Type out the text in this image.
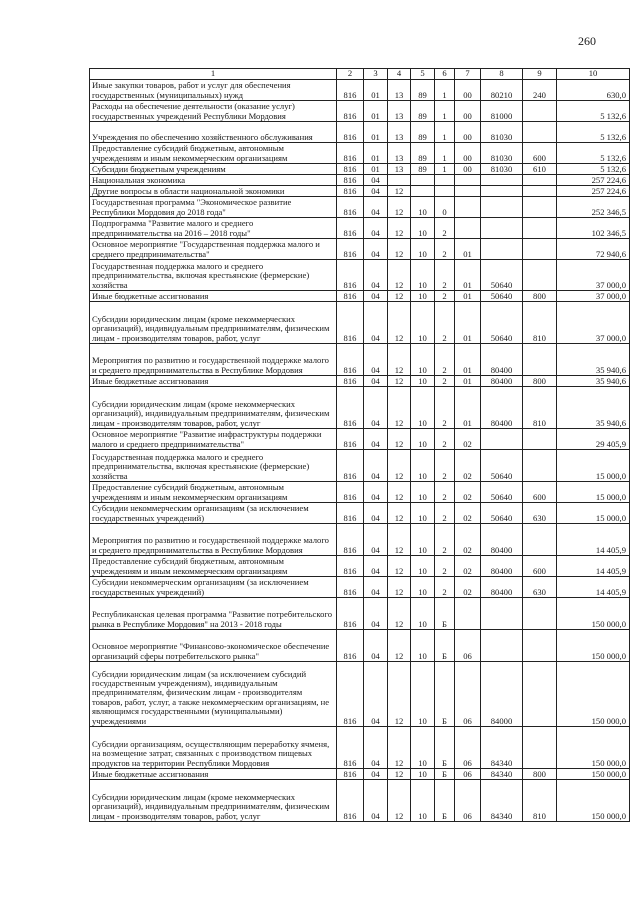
260
1	2	3	4	5	6	7	8	9	10
Иные закупки товаров, работ и услуг для обеспечения государственных (муниципальных) нужд	816	01	13	89	1	00	80210	240	630,0
Расходы на обеспечение деятельности (оказание услуг) государственных учреждений Республики Мордовия	816	01	13	89	1	00	81000		5 132,6
Учреждения по обеспечению хозяйственного обслуживания	816	01	13	89	1	00	81030		5 132,6
Предоставление субсидий бюджетным, автономным учреждениям и иным некоммерческим организациям	816	01	13	89	1	00	81030	600	5 132,6
Субсидии бюджетным учреждениям	816	01	13	89	1	00	81030	610	5 132,6
Национальная экономика	816	04							257 224,6
Другие вопросы в области национальной экономики	816	04	12						257 224,6
Государственная программа "Экономическое развитие Республики Мордовия до 2018 года"	816	04	12	10	0				252 346,5
Подпрограмма "Развитие малого и среднего предпринимательства на 2016 – 2018 годы"	816	04	12	10	2				102 346,5
Основное мероприятие "Государственная поддержка малого и среднего предпринимательства"	816	04	12	10	2	01			72 940,6
Государственная поддержка малого и среднего предпринимательства, включая крестьянские (фермерские) хозяйства	816	04	12	10	2	01	50640		37 000,0
Иные бюджетные ассигнования	816	04	12	10	2	01	50640	800	37 000,0
Субсидии юридическим лицам (кроме некоммерческих организаций), индивидуальным предпринимателям, физическим лицам - производителям товаров, работ, услуг	816	04	12	10	2	01	50640	810	37 000,0
Мероприятия по развитию и государственной поддержке малого и среднего предпринимательства в Республике Мордовия	816	04	12	10	2	01	80400		35 940,6
Иные бюджетные ассигнования	816	04	12	10	2	01	80400	800	35 940,6
Субсидии юридическим лицам (кроме некоммерческих организаций), индивидуальным предпринимателям, физическим лицам - производителям товаров, работ, услуг	816	04	12	10	2	01	80400	810	35 940,6
Основное мероприятие "Развитие инфраструктуры поддержки малого и среднего предпринимательства"	816	04	12	10	2	02			29 405,9
Государственная поддержка малого и среднего предпринимательства, включая крестьянские (фермерские) хозяйства	816	04	12	10	2	02	50640		15 000,0
Предоставление субсидий бюджетным, автономным учреждениям и иным некоммерческим организациям	816	04	12	10	2	02	50640	600	15 000,0
Субсидии некоммерческим организациям (за исключением государственных учреждений)	816	04	12	10	2	02	50640	630	15 000,0
Мероприятия по развитию и государственной поддержке малого и среднего предпринимательства в Республике Мордовия	816	04	12	10	2	02	80400		14 405,9
Предоставление субсидий бюджетным, автономным учреждениям и иным некоммерческим организациям	816	04	12	10	2	02	80400	600	14 405,9
Субсидии некоммерческим организациям (за исключением государственных учреждений)	816	04	12	10	2	02	80400	630	14 405,9
Республиканская целевая программа "Развитие потребительского рынка в Республике Мордовия" на 2013 - 2018 годы	816	04	12	10	Б				150 000,0
Основное мероприятие "Финансово-экономическое обеспечение организаций сферы потребительского рынка"	816	04	12	10	Б	06			150 000,0
Субсидии юридическим лицам (за исключением субсидий государственным учреждениям), индивидуальным предпринимателям, физическим лицам - производителям товаров, работ, услуг, а также некоммерческим организациям, не являющимся государственными (муниципальными) учреждениями	816	04	12	10	Б	06	84000		150 000,0
Субсидии организациям, осуществляющим переработку ячменя, на возмещение затрат, связанных с производством пищевых продуктов на территории Республики Мордовия	816	04	12	10	Б	06	84340		150 000,0
Иные бюджетные ассигнования	816	04	12	10	Б	06	84340	800	150 000,0
Субсидии юридическим лицам (кроме некоммерческих организаций), индивидуальным предпринимателям, физическим лицам - производителям товаров, работ, услуг	816	04	12	10	Б	06	84340	810	150 000,0
